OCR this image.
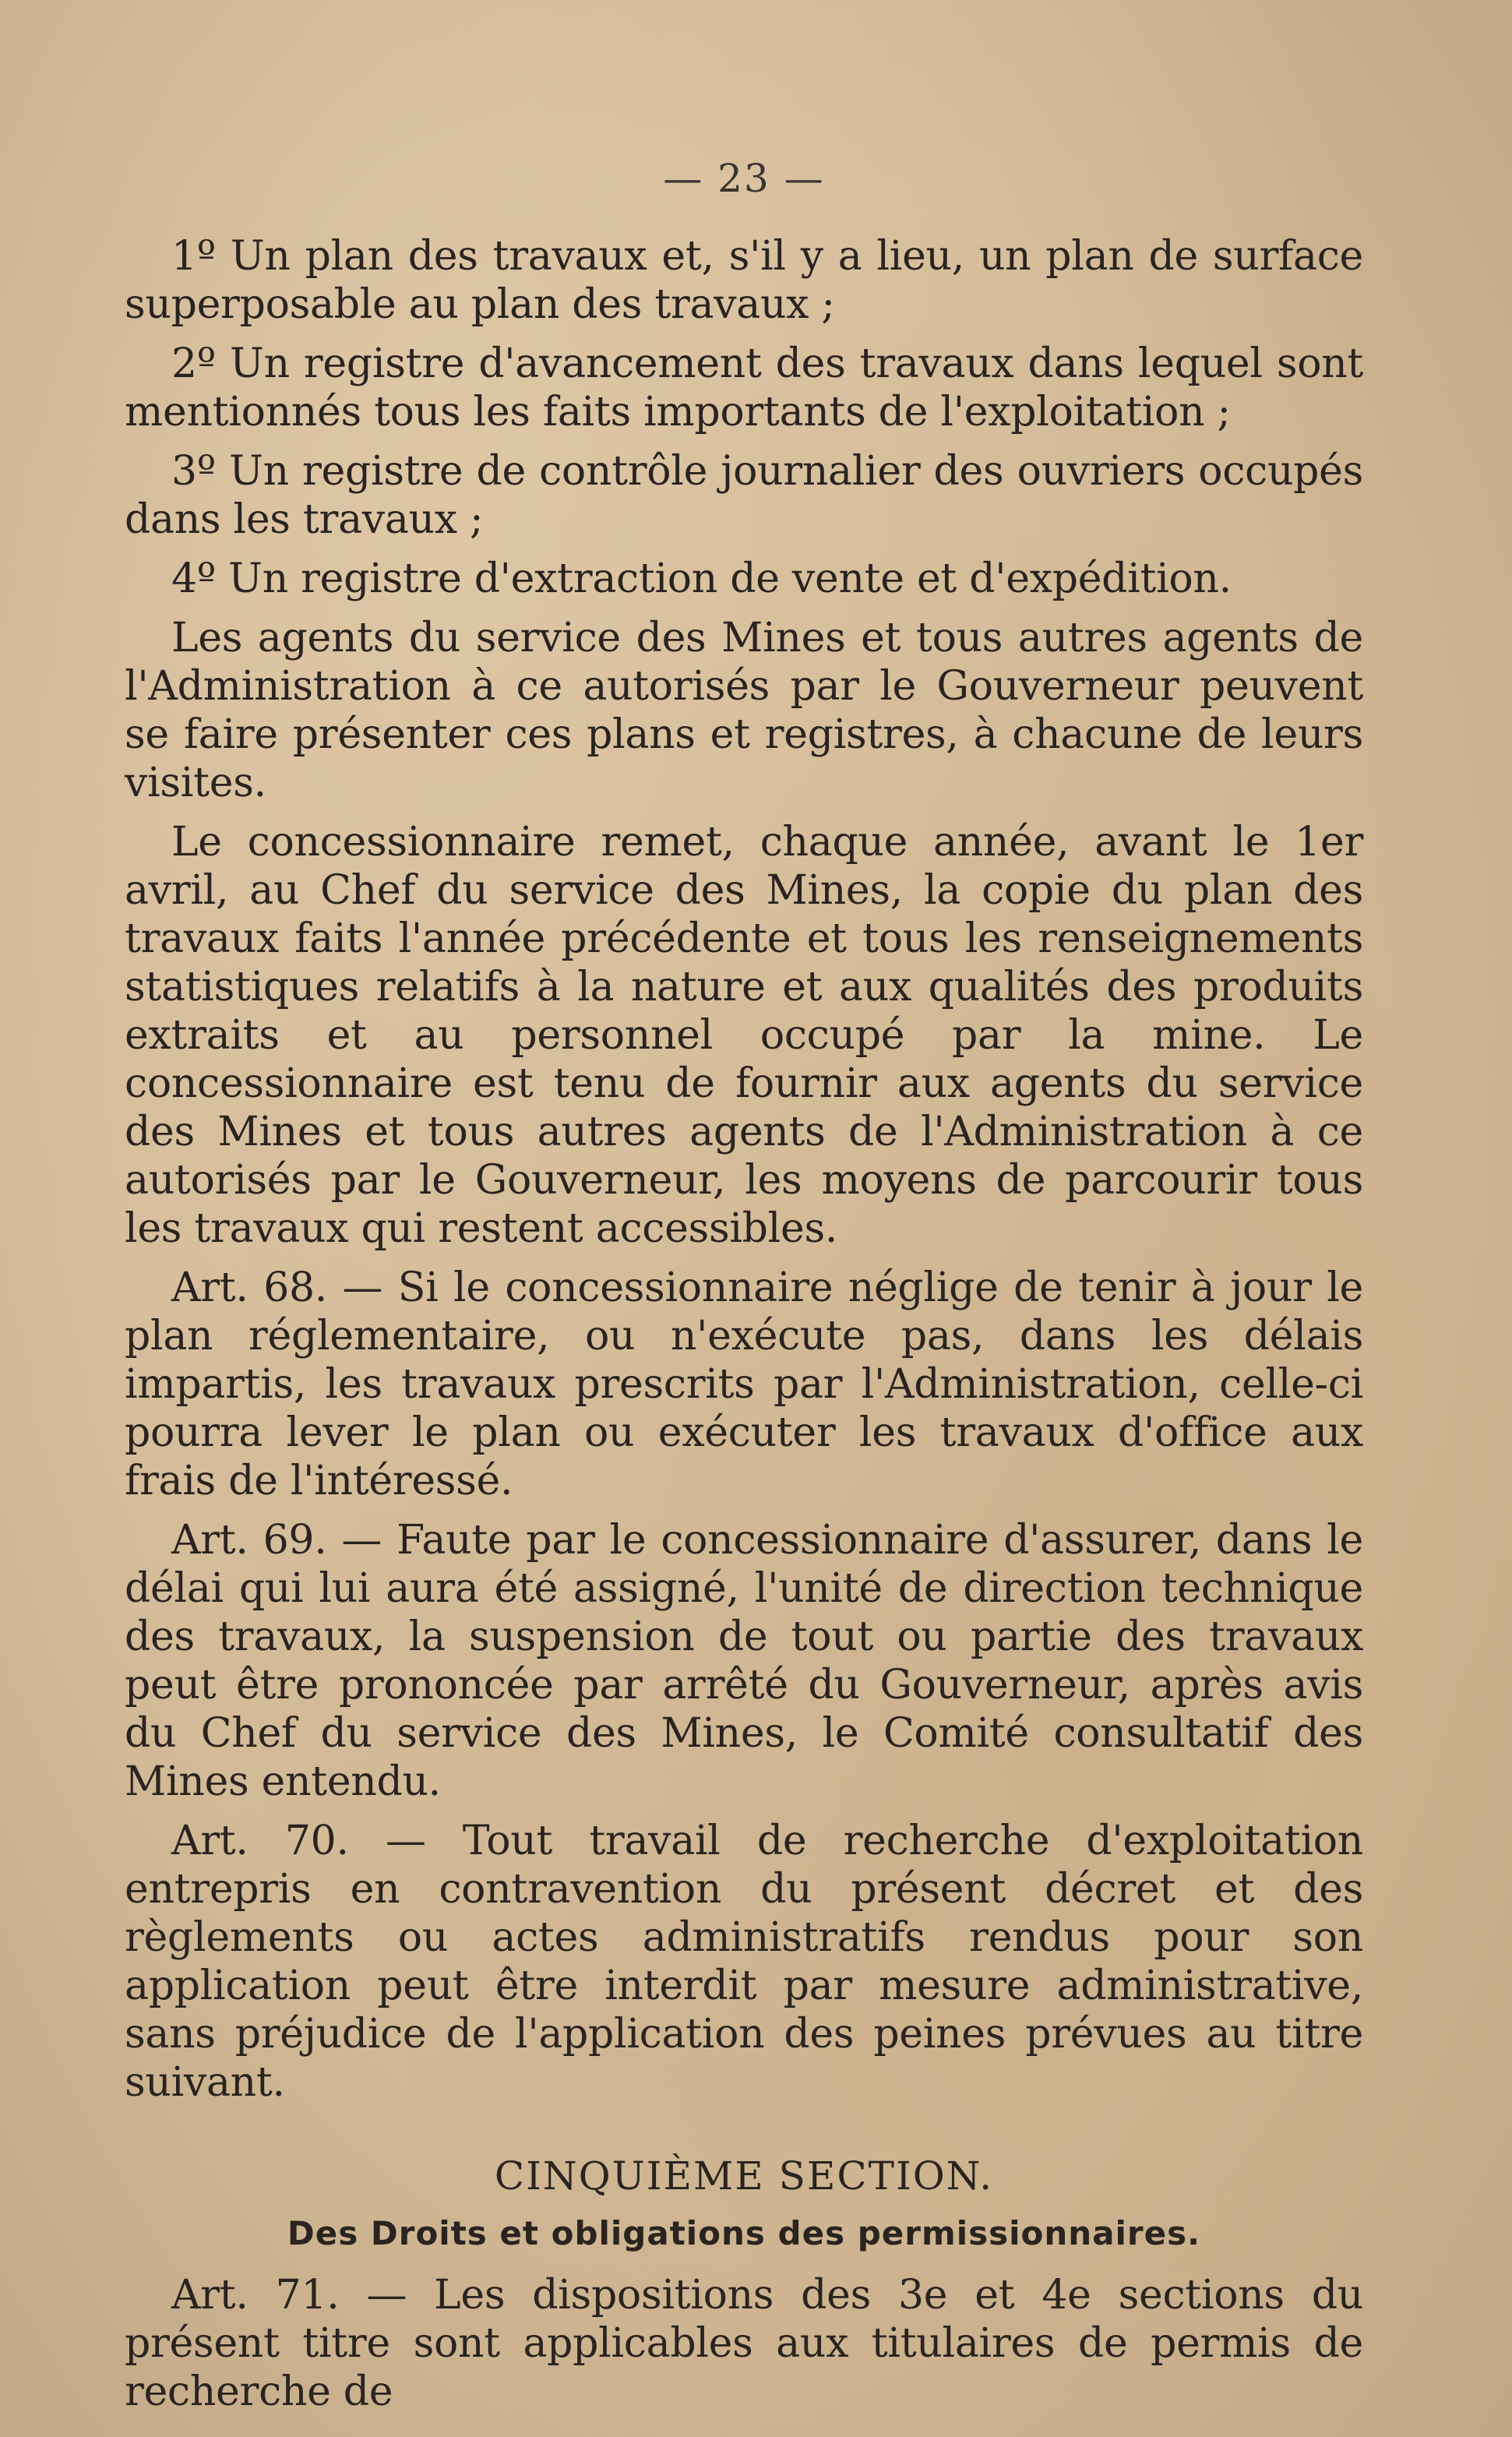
— 23 —

1º Un plan des travaux et, s'il y a lieu, un plan de surface superposable au plan des travaux ;

2º Un registre d'avancement des travaux dans lequel sont mentionnés tous les faits importants de l'exploitation ;

3º Un registre de contrôle journalier des ouvriers occupés dans les travaux ;

4º Un registre d'extraction de vente et d'expédition.

Les agents du service des Mines et tous autres agents de l'Administration à ce autorisés par le Gouverneur peuvent se faire présenter ces plans et registres, à chacune de leurs visites.

Le concessionnaire remet, chaque année, avant le 1er avril, au Chef du service des Mines, la copie du plan des travaux faits l'année précédente et tous les renseignements statistiques relatifs à la nature et aux qualités des produits extraits et au personnel occupé par la mine. Le concessionnaire est tenu de fournir aux agents du service des Mines et tous autres agents de l'Administration à ce autorisés par le Gouverneur, les moyens de parcourir tous les travaux qui restent accessibles.

Art. 68. — Si le concessionnaire néglige de tenir à jour le plan réglementaire, ou n'exécute pas, dans les délais impartis, les travaux prescrits par l'Administration, celle-ci pourra lever le plan ou exécuter les travaux d'office aux frais de l'intéressé.

Art. 69. — Faute par le concessionnaire d'assurer, dans le délai qui lui aura été assigné, l'unité de direction technique des travaux, la suspension de tout ou partie des travaux peut être prononcée par arrêté du Gouverneur, après avis du Chef du service des Mines, le Comité consultatif des Mines entendu.

Art. 70. — Tout travail de recherche d'exploitation entrepris en contravention du présent décret et des règlements ou actes administratifs rendus pour son application peut être interdit par mesure administrative, sans préjudice de l'application des peines prévues au titre suivant.

CINQUIÈME SECTION.
Des Droits et obligations des permissionnaires.

Art. 71. — Les dispositions des 3e et 4e sections du présent titre sont applicables aux titulaires de permis de recherche de
